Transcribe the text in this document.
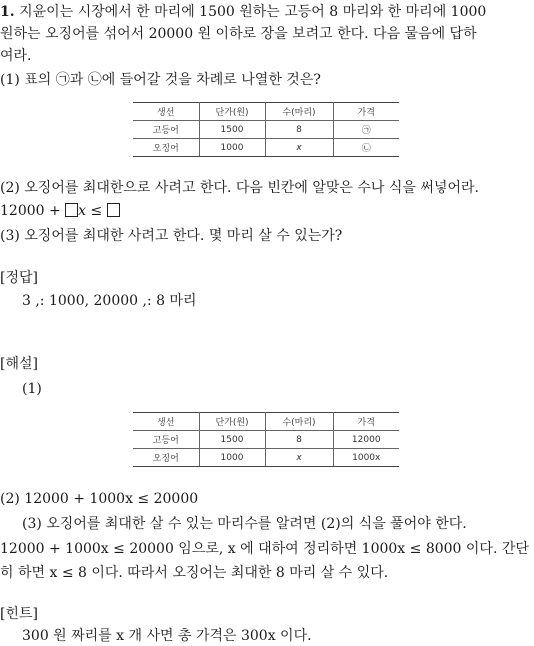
1. 지윤이는 시장에서 한 마리에 1500 원하는 고등어 8 마리와 한 마리에 1000
원하는 오징어를 섞어서 20000 원 이하로 장을 보려고 한다. 다음 물음에 답하
여라.
(1) 표의 ㉠과 ㉡에 들어갈 것을 차례로 나열한 것은?
생선	단가(원)	수(마리)	가격
고등어	1500	8	㉠
오징어	1000	x	㉡
(2) 오징어를 최대한으로 사려고 한다. 다음 빈칸에 알맞은 수나 식을 써넣어라.
12000 + x ≤
(3) 오징어를 최대한 사려고 한다. 몇 마리 살 수 있는가?
[정답]
3 ,: 1000, 20000 ,: 8 마리
[해설]
(1)
생선	단가(원)	수(마리)	가격
고등어	1500	8	12000
오징어	1000	x	1000x
(2) 12000 + 1000x ≤ 20000
(3) 오징어를 최대한 살 수 있는 마리수를 알려면 (2)의 식을 풀어야 한다.
12000 + 1000x ≤ 20000 임으로, x 에 대하여 정리하면 1000x ≤ 8000 이다. 간단
히 하면 x ≤ 8 이다. 따라서 오징어는 최대한 8 마리 살 수 있다.
[힌트]
300 원 짜리를 x 개 사면 총 가격은 300x 이다.
